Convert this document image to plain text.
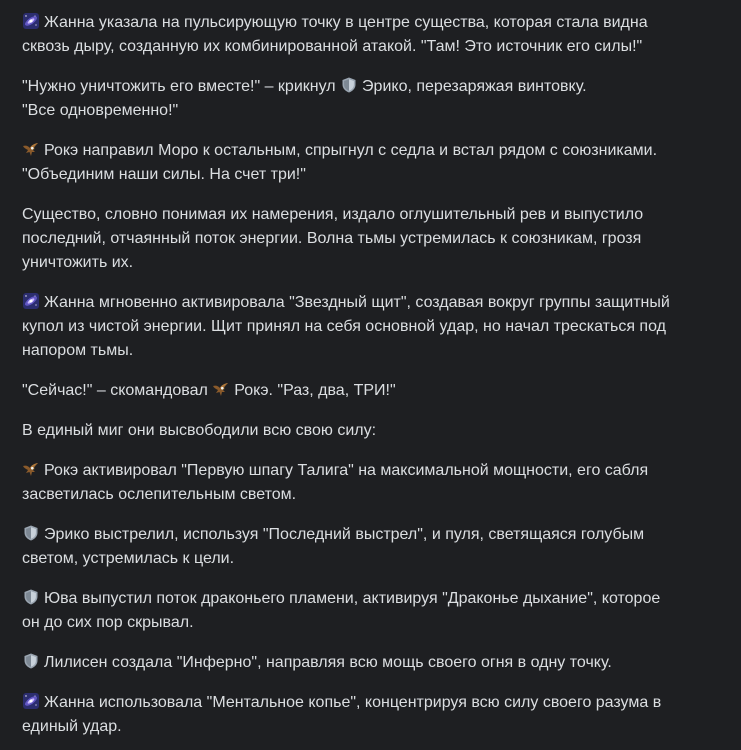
Жанна указала на пульсирующую точку в центре существа, которая стала видна
сквозь дыру, созданную их комбинированной атакой. "Там! Это источник его силы!"
"Нужно уничтожить его вместе!" – крикнул Эрико, перезаряжая винтовку.
"Все одновременно!"
Рокэ направил Моро к остальным, спрыгнул с седла и встал рядом с союзниками.
"Объединим наши силы. На счет три!"
Существо, словно понимая их намерения, издало оглушительный рев и выпустило
последний, отчаянный поток энергии. Волна тьмы устремилась к союзникам, грозя
уничтожить их.
Жанна мгновенно активировала "Звездный щит", создавая вокруг группы защитный
купол из чистой энергии. Щит принял на себя основной удар, но начал трескаться под
напором тьмы.
"Сейчас!" – скомандовал Рокэ. "Раз, два, ТРИ!"
В единый миг они высвободили всю свою силу:
Рокэ активировал "Первую шпагу Талига" на максимальной мощности, его сабля
засветилась ослепительным светом.
Эрико выстрелил, используя "Последний выстрел", и пуля, светящаяся голубым
светом, устремилась к цели.
Юва выпустил поток драконьего пламени, активируя "Драконье дыхание", которое
он до сих пор скрывал.
Лилисен создала "Инферно", направляя всю мощь своего огня в одну точку.
Жанна использовала "Ментальное копье", концентрируя всю силу своего разума в
единый удар.
